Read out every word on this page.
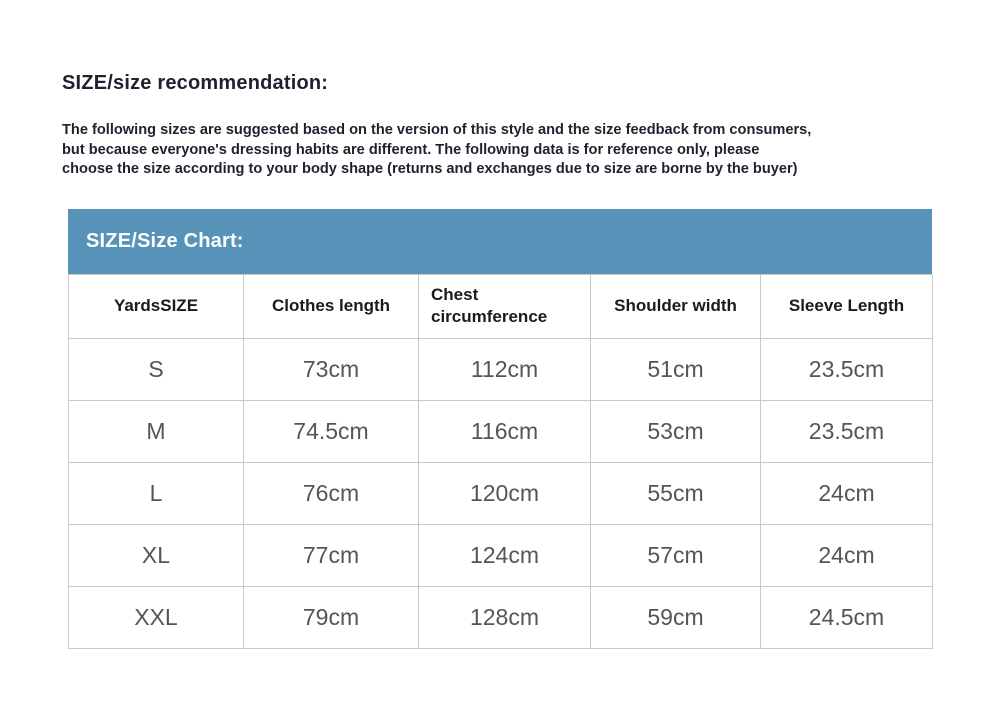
SIZE/size recommendation:

The following sizes are suggested based on the version of this style and the size feedback from consumers,
but because everyone's dressing habits are different. The following data is for reference only, please
choose the size according to your body shape (returns and exchanges due to size are borne by the buyer)

SIZE/Size Chart:
YardsSIZE	Clothes length	Chest circumference	Shoulder width	Sleeve Length
S	73cm	112cm	51cm	23.5cm
M	74.5cm	116cm	53cm	23.5cm
L	76cm	120cm	55cm	24cm
XL	77cm	124cm	57cm	24cm
XXL	79cm	128cm	59cm	24.5cm
